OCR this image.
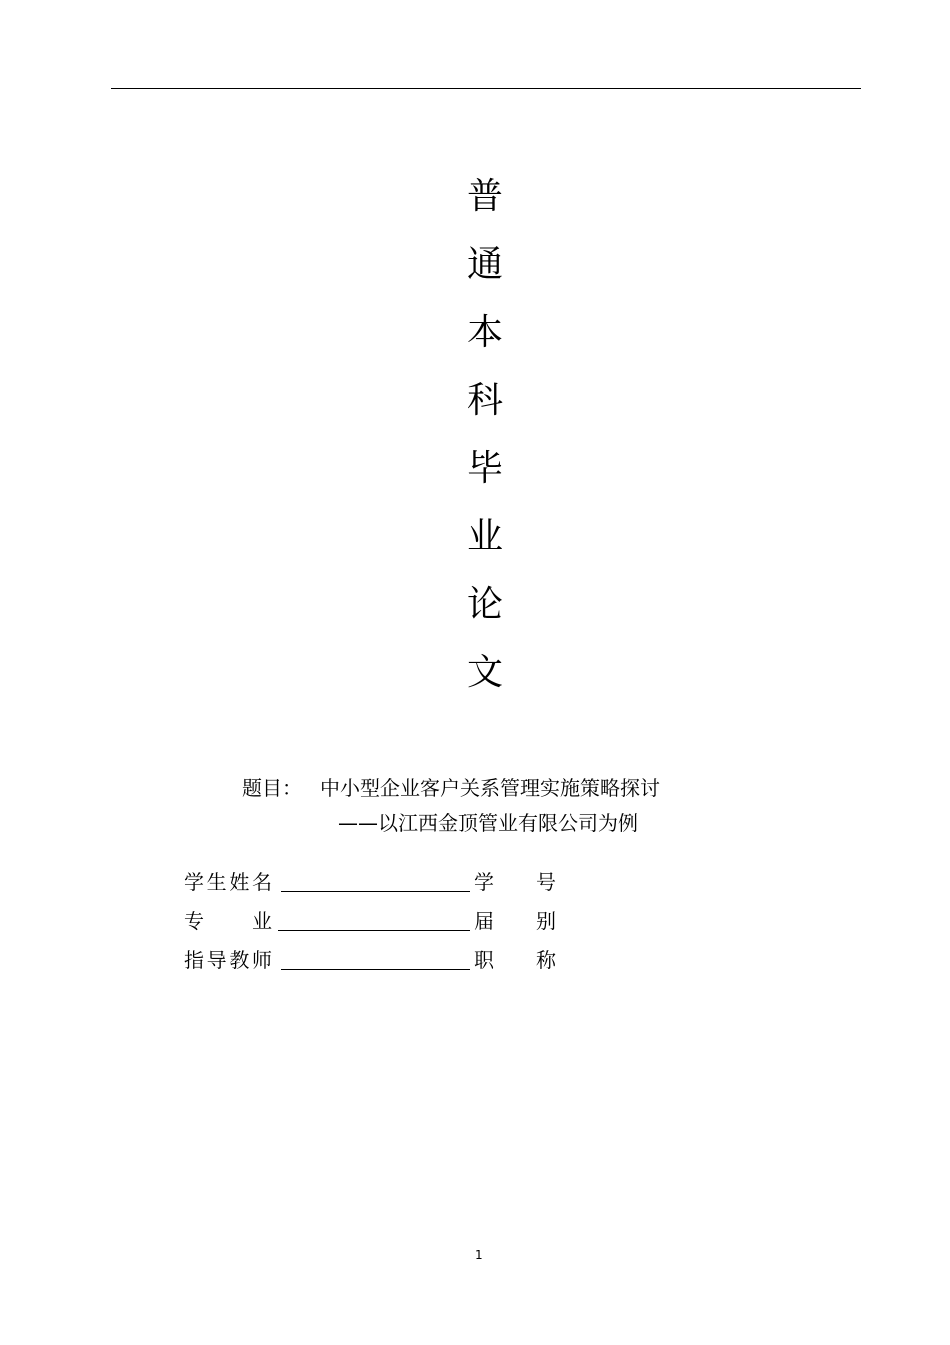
普
通
本
科
毕
业
论
文
题目： 中小型企业客户关系管理实施策略探讨
——以江西金顶管业有限公司为例
学生姓名	学号
专业	届别
指导教师	职称
1
